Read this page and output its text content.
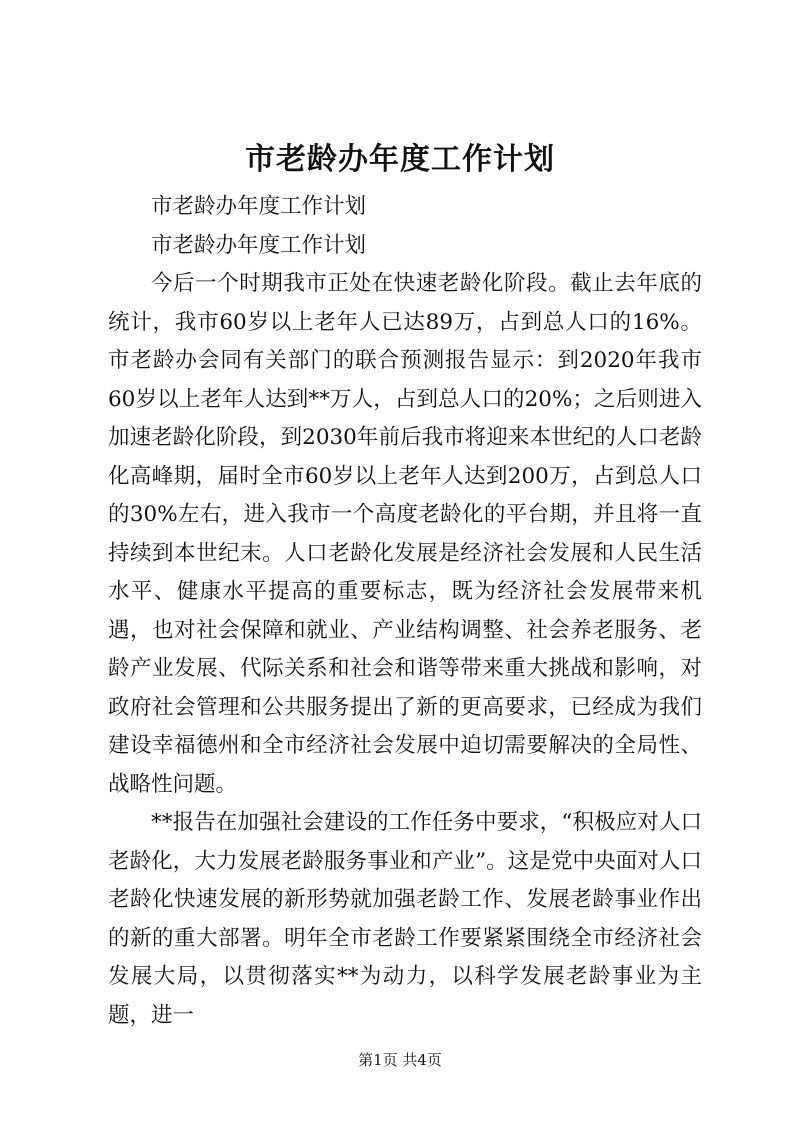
市老龄办年度工作计划

市老龄办年度工作计划

市老龄办年度工作计划

今后一个时期我市正处在快速老龄化阶段。截止去年底的统计，我市60岁以上老年人已达89万，占到总人口的16%。市老龄办会同有关部门的联合预测报告显示：到2020年我市60岁以上老年人达到**万人，占到总人口的20%；之后则进入加速老龄化阶段，到2030年前后我市将迎来本世纪的人口老龄化高峰期，届时全市60岁以上老年人达到200万，占到总人口的30%左右，进入我市一个高度老龄化的平台期，并且将一直持续到本世纪末。人口老龄化发展是经济社会发展和人民生活水平、健康水平提高的重要标志，既为经济社会发展带来机遇，也对社会保障和就业、产业结构调整、社会养老服务、老龄产业发展、代际关系和社会和谐等带来重大挑战和影响，对政府社会管理和公共服务提出了新的更高要求，已经成为我们建设幸福德州和全市经济社会发展中迫切需要解决的全局性、战略性问题。

**报告在加强社会建设的工作任务中要求，“积极应对人口老龄化，大力发展老龄服务事业和产业”。这是党中央面对人口老龄化快速发展的新形势就加强老龄工作、发展老龄事业作出的新的重大部署。明年全市老龄工作要紧紧围绕全市经济社会发展大局，以贯彻落实**为动力，以科学发展老龄事业为主题，进一

第1页 共4页
